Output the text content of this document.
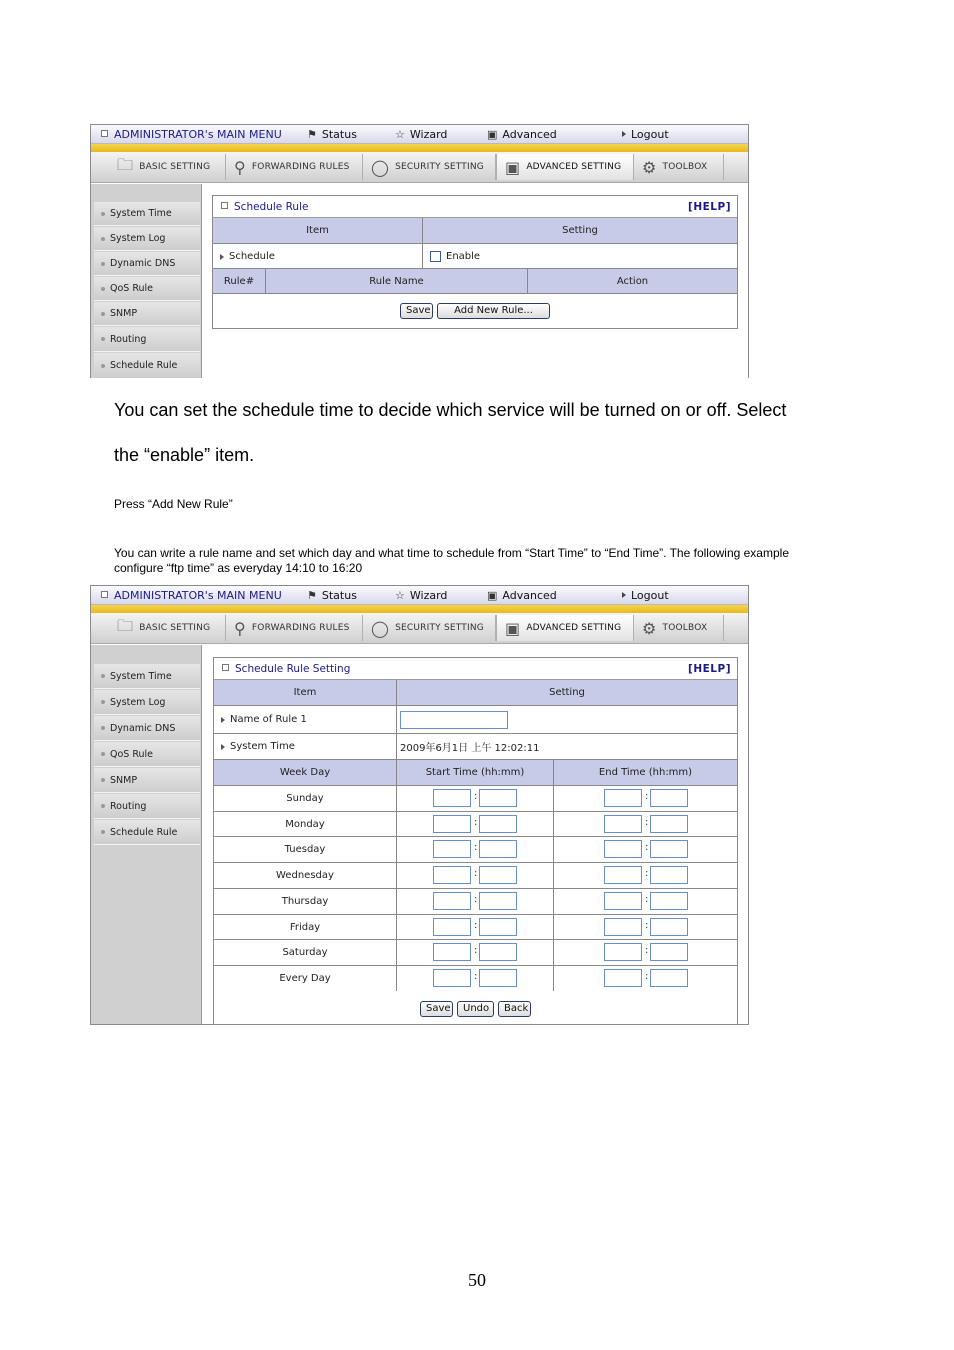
ADMINISTRATOR's MAIN MENU ⚑ Status	☆ Wizard	▣ Advanced	Logout
🗀 BASIC SETTING ⚲ FORWARDING RULES ◯ SECURITY SETTING ▣ ADVANCED SETTING ⚙ TOOLBOX
System Time
System Log
Dynamic DNS
QoS Rule
SNMP
Routing
Schedule Rule
Schedule Rule	[HELP]
Item	Setting
Schedule	Enable
Rule#	Rule Name	Action
Save	Add New Rule...
You can set the schedule time to decide which service will be turned on or off. Select
the “enable” item.
Press “Add New Rule”
You can write a rule name and set which day and what time to schedule from “Start Time” to “End Time”. The following example
configure “ftp time” as everyday 14:10 to 16:20
ADMINISTRATOR's MAIN MENU ⚑ Status	☆ Wizard	▣ Advanced	Logout
🗀 BASIC SETTING ⚲ FORWARDING RULES ◯ SECURITY SETTING ▣ ADVANCED SETTING ⚙ TOOLBOX
System Time
System Log
Dynamic DNS
QoS Rule
SNMP
Routing
Schedule Rule
Schedule Rule Setting	[HELP]
Item	Setting
Name of Rule 1
System Time	2009年6月1日 上午 12:02:11
Week Day	Start Time (hh:mm)	End Time (hh:mm)
Sunday	:	:
Monday	:	:
Tuesday	:	:
Wednesday	:	:
Thursday	:	:
Friday	:	:
Saturday	:	:
Every Day	:	:
Save	Undo	Back
50
